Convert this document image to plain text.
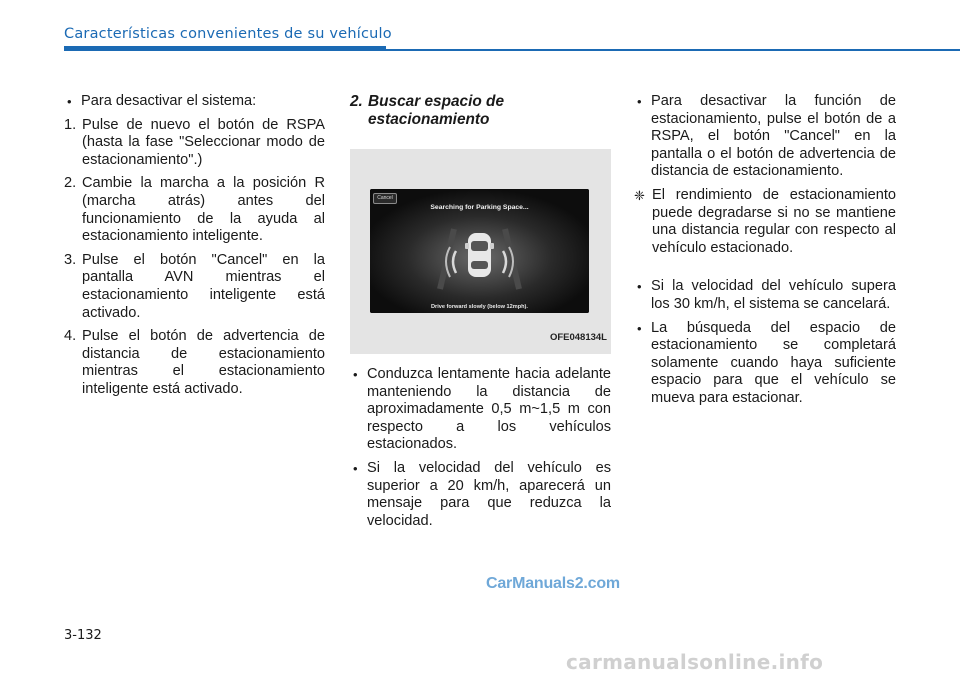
Características convenientes de su vehículo
• Para desactivar el sistema:
1. Pulse de nuevo el botón de RSPA (hasta la fase "Seleccionar modo de estacionamiento".)
2. Cambie la marcha a la posición R (marcha atrás) antes del funcionamiento de la ayuda al estacionamiento inteligente.
3. Pulse el botón "Cancel" en la pantalla AVN mientras el estacionamiento inteligente está activado.
4. Pulse el botón de advertencia de distancia de estacionamiento mientras el estacionamiento inteligente está activado.
2. Buscar espacio de estacionamiento
Cancel
Searching for Parking Space...
Drive forward slowly (below 12mph).
OFE048134L
• Conduzca lentamente hacia adelante manteniendo la distancia de aproximadamente 0,5 m~1,5 m con respecto a los vehículos estacionados.
• Si la velocidad del vehículo es superior a 20 km/h, aparecerá un mensaje para que reduzca la velocidad.
• Para desactivar la función de estacionamiento, pulse el botón de a RSPA, el botón "Cancel" en la pantalla o el botón de advertencia de distancia de estacionamiento.
❈ El rendimiento de estacionamiento puede degradarse si no se mantiene una distancia regular con respecto al vehículo estacionado.
• Si la velocidad del vehículo supera los 30 km/h, el sistema se cancelará.
• La búsqueda del espacio de estacionamiento se completará solamente cuando haya suficiente espacio para que el vehículo se mueva para estacionar.
CarManuals2.com
3-132
carmanualsonline.info
